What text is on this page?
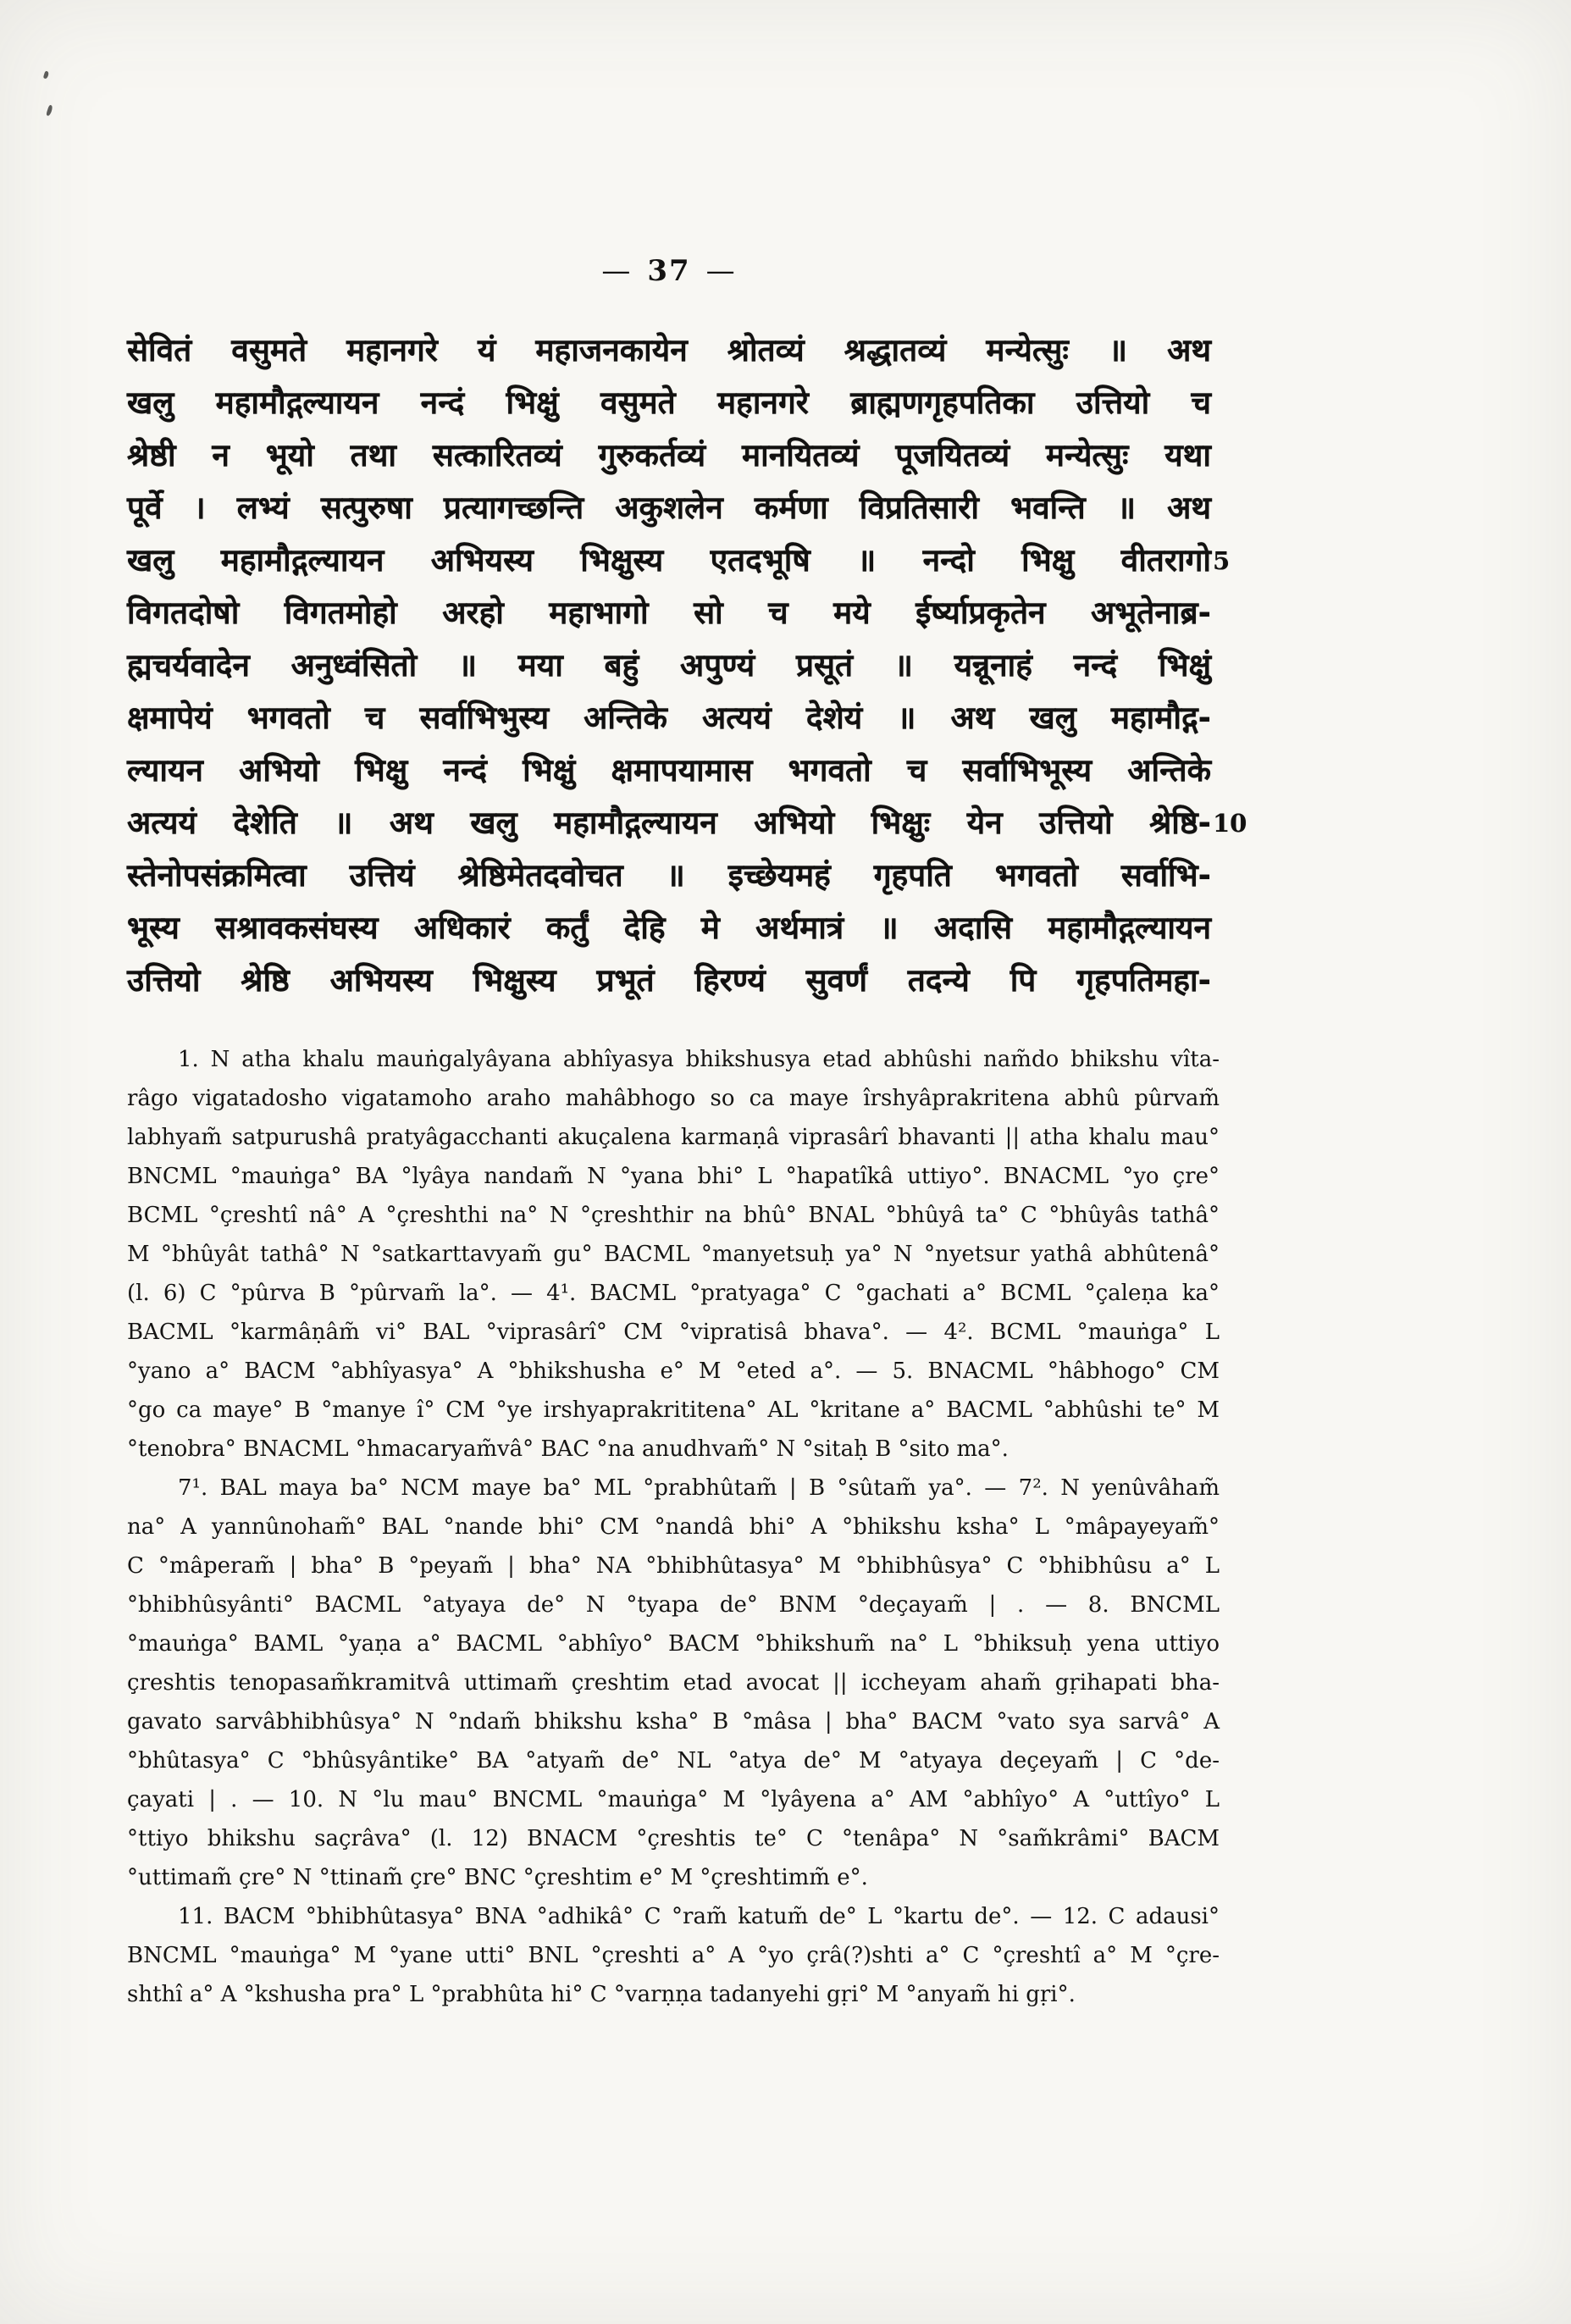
— 37 —
सेवितं वसुमते महानगरे यं महाजनकायेन श्रोतव्यं श्रद्धातव्यं मन्येत्सुः ॥ अथ
खलु महामौद्गल्यायन नन्दं भिक्षुं वसुमते महानगरे ब्राह्मणगृहपतिका उत्तियो च
श्रेष्ठी न भूयो तथा सत्कारितव्यं गुरुकर्तव्यं मानयितव्यं पूजयितव्यं मन्येत्सुः यथा
पूर्वे । लभ्यं सत्पुरुषा प्रत्यागच्छन्ति अकुशलेन कर्मणा विप्रतिसारी भवन्ति ॥ अथ
खलु महामौद्गल्यायन अभियस्य भिक्षुस्य एतदभूषि ॥ नन्दो भिक्षु वीतरागो 5
विगतदोषो विगतमोहो अरहो महाभागो सो च मये ईर्ष्याप्रकृतेन अभूतेनाब्र-
ह्मचर्यवादेन अनुध्वंसितो ॥ मया बहुं अपुण्यं प्रसूतं ॥ यन्नूनाहं नन्दं भिक्षुं
क्षमापेयं भगवतो च सर्वाभिभुस्य अन्तिके अत्ययं देशेयं ॥ अथ खलु महामौद्ग-
ल्यायन अभियो भिक्षु नन्दं भिक्षुं क्षमापयामास भगवतो च सर्वाभिभूस्य अन्तिके
अत्ययं देशेति ॥ अथ खलु महामौद्गल्यायन अभियो भिक्षुः येन उत्तियो श्रेष्ठि- 10
स्तेनोपसंक्रमित्वा उत्तियं श्रेष्ठिमेतदवोचत ॥ इच्छेयमहं गृहपति भगवतो सर्वाभि-
भूस्य सश्रावकसंघस्य अधिकारं कर्तुं देहि मे अर्थमात्रं ॥ अदासि महामौद्गल्यायन
उत्तियो श्रेष्ठि अभियस्य भिक्षुस्य प्रभूतं हिरण्यं सुवर्णं तदन्ये पि गृहपतिमहा-
1. N atha khalu mauṅgalyâyana abhîyasya bhikshusya etad abhûshi nam̃do bhikshu vîta-
râgo vigatadosho vigatamoho araho mahâbhogo so ca maye îrshyâprakritena abhû pûrvam̃
labhyam̃ satpurushâ pratyâgacchanti akuçalena karmaṇâ viprasârî bhavanti || atha khalu mau°
BNCML °mauṅga° BA °lyâya nandam̃ N °yana bhi° L °hapatîkâ uttiyo°. BNACML °yo çre°
BCML °çreshtî nâ° A °çreshthi na° N °çreshthir na bhû° BNAL °bhûyâ ta° C °bhûyâs tathâ°
M °bhûyât tathâ° N °satkarttavyam̃ gu° BACML °manyetsuḥ ya° N °nyetsur yathâ abhûtenâ°
(l. 6) C °pûrva B °pûrvam̃ la°. — 4¹. BACML °pratyaga° C °gachati a° BCML °çaleṇa ka°
BACML °karmâṇâm̃ vi° BAL °viprasârî° CM °vipratisâ bhava°. — 4². BCML °mauṅga° L
°yano a° BACM °abhîyasya° A °bhikshusha e° M °eted a°. — 5. BNACML °hâbhogo° CM
°go ca maye° B °manye î° CM °ye irshyaprakrititena° AL °kritane a° BACML °abhûshi te° M
°tenobra° BNACML °hmacaryam̃vâ° BAC °na anudhvam̃° N °sitaḥ B °sito ma°.
7¹. BAL maya ba° NCM maye ba° ML °prabhûtam̃ | B °sûtam̃ ya°. — 7². N yenûvâham̃
na° A yannûnoham̃° BAL °nande bhi° CM °nandâ bhi° A °bhikshu ksha° L °mâpayeyam̃°
C °mâperam̃ | bha° B °peyam̃ | bha° NA °bhibhûtasya° M °bhibhûsya° C °bhibhûsu a° L
°bhibhûsyânti° BACML °atyaya de° N °tyapa de° BNM °deçayam̃ | . — 8. BNCML
°mauṅga° BAML °yaṇa a° BACML °abhîyo° BACM °bhikshum̃ na° L °bhiksuḥ yena uttiyo
çreshtis tenopasam̃kramitvâ uttimam̃ çreshtim etad avocat || iccheyam aham̃ gṛihapati bha-
gavato sarvâbhibhûsya° N °ndam̃ bhikshu ksha° B °mâsa | bha° BACM °vato sya sarvâ° A
°bhûtasya° C °bhûsyântike° BA °atyam̃ de° NL °atya de° M °atyaya deçeyam̃ | C °de-
çayati | . — 10. N °lu mau° BNCML °mauṅga° M °lyâyena a° AM °abhîyo° A °uttîyo° L
°ttiyo bhikshu saçrâva° (l. 12) BNACM °çreshtis te° C °tenâpa° N °sam̃krâmi° BACM
°uttimam̃ çre° N °ttinam̃ çre° BNC °çreshtim e° M °çreshtimm̃ e°.
11. BACM °bhibhûtasya° BNA °adhikâ° C °ram̃ katum̃ de° L °kartu de°. — 12. C adausi°
BNCML °mauṅga° M °yane utti° BNL °çreshti a° A °yo çrâ(?)shti a° C °çreshtî a° M °çre-
shthî a° A °kshusha pra° L °prabhûta hi° C °varṇṇa tadanyehi gṛi° M °anyam̃ hi gṛi°.
